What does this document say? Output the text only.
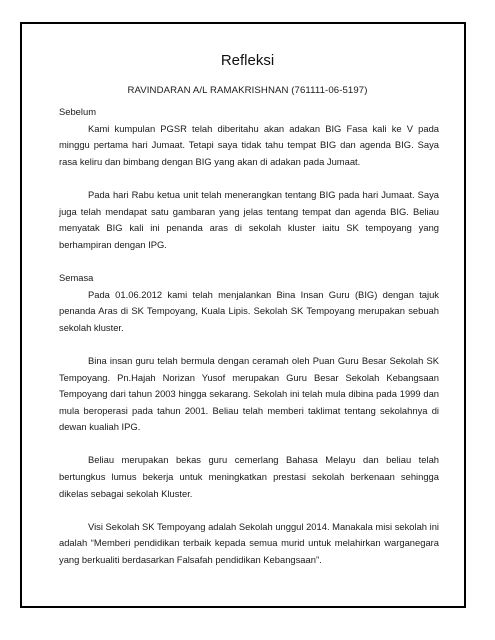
Refleksi
RAVINDARAN A/L RAMAKRISHNAN (761111-06-5197)

Sebelum

Kami kumpulan PGSR telah diberitahu akan adakan BIG Fasa kali ke V pada minggu pertama hari Jumaat. Tetapi saya tidak tahu tempat BIG dan agenda BIG. Saya rasa keliru dan bimbang dengan BIG yang akan di adakan pada Jumaat.

Pada hari Rabu ketua unit telah menerangkan tentang BIG pada hari Jumaat. Saya juga telah mendapat satu gambaran yang jelas tentang tempat dan agenda BIG. Beliau menyatak BIG kali ini penanda aras di sekolah kluster iaitu SK tempoyang yang berhampiran dengan IPG.

Semasa

Pada 01.06.2012 kami telah menjalankan Bina Insan Guru (BIG) dengan tajuk penanda Aras di SK Tempoyang, Kuala Lipis. Sekolah SK Tempoyang merupakan sebuah sekolah kluster.

Bina insan guru telah bermula dengan ceramah oleh Puan Guru Besar Sekolah SK Tempoyang. Pn.Hajah Norizan Yusof merupakan Guru Besar Sekolah Kebangsaan Tempoyang dari tahun 2003 hingga sekarang. Sekolah ini telah mula dibina pada 1999 dan mula beroperasi pada tahun 2001. Beliau telah memberi taklimat tentang sekolahnya di dewan kualiah IPG.

Beliau merupakan bekas guru cemerlang Bahasa Melayu dan beliau telah bertungkus lumus bekerja untuk meningkatkan prestasi sekolah berkenaan sehingga dikelas sebagai sekolah Kluster.

Visi Sekolah SK Tempoyang adalah Sekolah unggul 2014. Manakala misi sekolah ini adalah “Memberi pendidikan terbaik kepada semua murid untuk melahirkan warganegara yang berkualiti berdasarkan Falsafah pendidikan Kebangsaan”.
